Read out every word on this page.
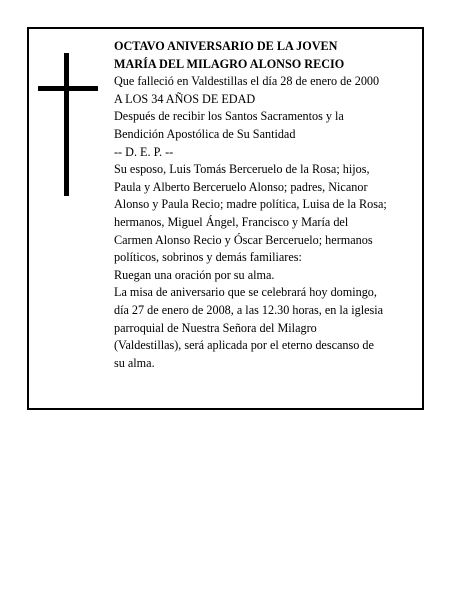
OCTAVO ANIVERSARIO DE LA JOVEN
MARÍA DEL MILAGRO ALONSO RECIO
Que falleció en Valdestillas el día 28 de enero de 2000
A LOS 34 AÑOS DE EDAD
Después de recibir los Santos Sacramentos y la
Bendición Apostólica de Su Santidad
-- D. E. P. --
Su esposo, Luis Tomás Berceruelo de la Rosa; hijos,
Paula y Alberto Berceruelo Alonso; padres, Nicanor
Alonso y Paula Recio; madre política, Luisa de la Rosa;
hermanos, Miguel Ángel, Francisco y María del
Carmen Alonso Recio y Óscar Berceruelo; hermanos
políticos, sobrinos y demás familiares:
Ruegan una oración por su alma.
La misa de aniversario que se celebrará hoy domingo,
día 27 de enero de 2008, a las 12.30 horas, en la iglesia
parroquial de Nuestra Señora del Milagro
(Valdestillas), será aplicada por el eterno descanso de
su alma.
